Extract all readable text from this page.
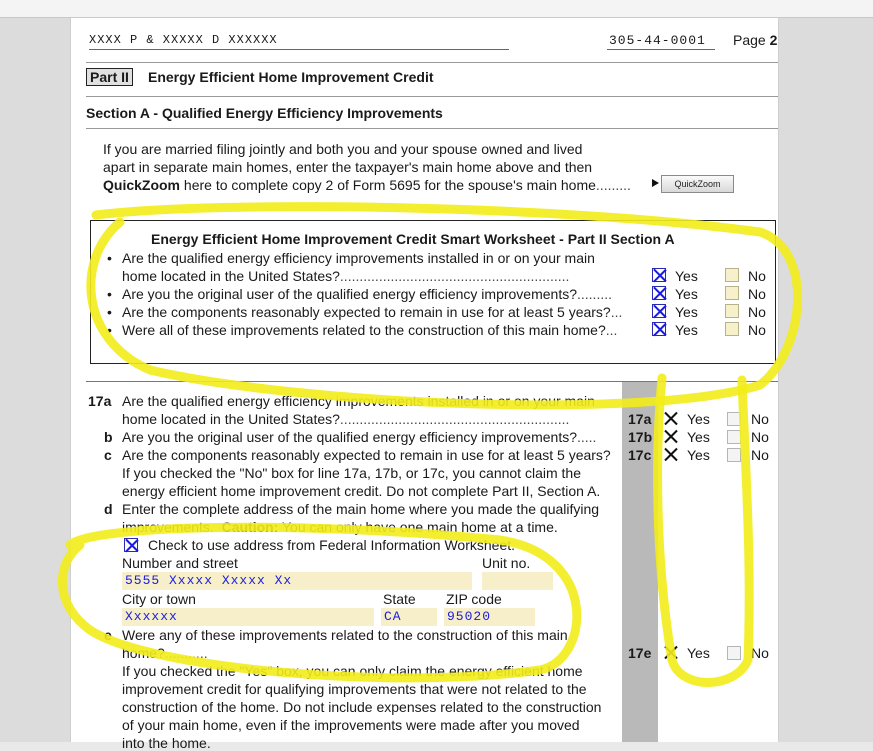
XXXX P & XXXXX D XXXXXX	305-44-0001 Page 2
Part II Energy Efficient Home Improvement Credit
Section A - Qualified Energy Efficiency Improvements
If you are married filing jointly and both you and your spouse owned and lived
apart in separate main homes, enter the taxpayer's main home above and then
QuickZoom here to complete copy 2 of Form 5695 for the spouse's main home.........	QuickZoom
Energy Efficient Home Improvement Credit Smart Worksheet - Part II Section A
• Are the qualified energy efficiency improvements installed in or on your main
home located in the United States?...........................................................	Yes	No
• Are you the original user of the qualified energy efficiency improvements?.........	Yes	No
• Are the components reasonably expected to remain in use for at least 5 years?...	Yes	No
• Were all of these improvements related to the construction of this main home?...	Yes	No
17a Are the qualified energy efficiency improvements installed in or on your main
home located in the United States?...........................................................	17a	Yes	No
b Are you the original user of the qualified energy efficiency improvements?..... 17b Yes	No
c Are the components reasonably expected to remain in use for at least 5 years? 17c	Yes	No
If you checked the "No" box for line 17a, 17b, or 17c, you cannot claim the
energy efficient home improvement credit. Do not complete Part II, Section A.
d Enter the complete address of the main home where you made the qualifying
improvements. Caution: You can only have one main home at a time.
Check to use address from Federal Information Worksheet.
Number and street	Unit no.
5555 Xxxxx Xxxxx Xx
City or town	State ZIP code
Xxxxxx	CA	95020
e Were any of these improvements related to the construction of this main
home?...........	17e	Yes	No
If you checked the "Yes" box, you can only claim the energy efficient home
improvement credit for qualifying improvements that were not related to the
construction of the home. Do not include expenses related to the construction
of your main home, even if the improvements were made after you moved
into the home.
